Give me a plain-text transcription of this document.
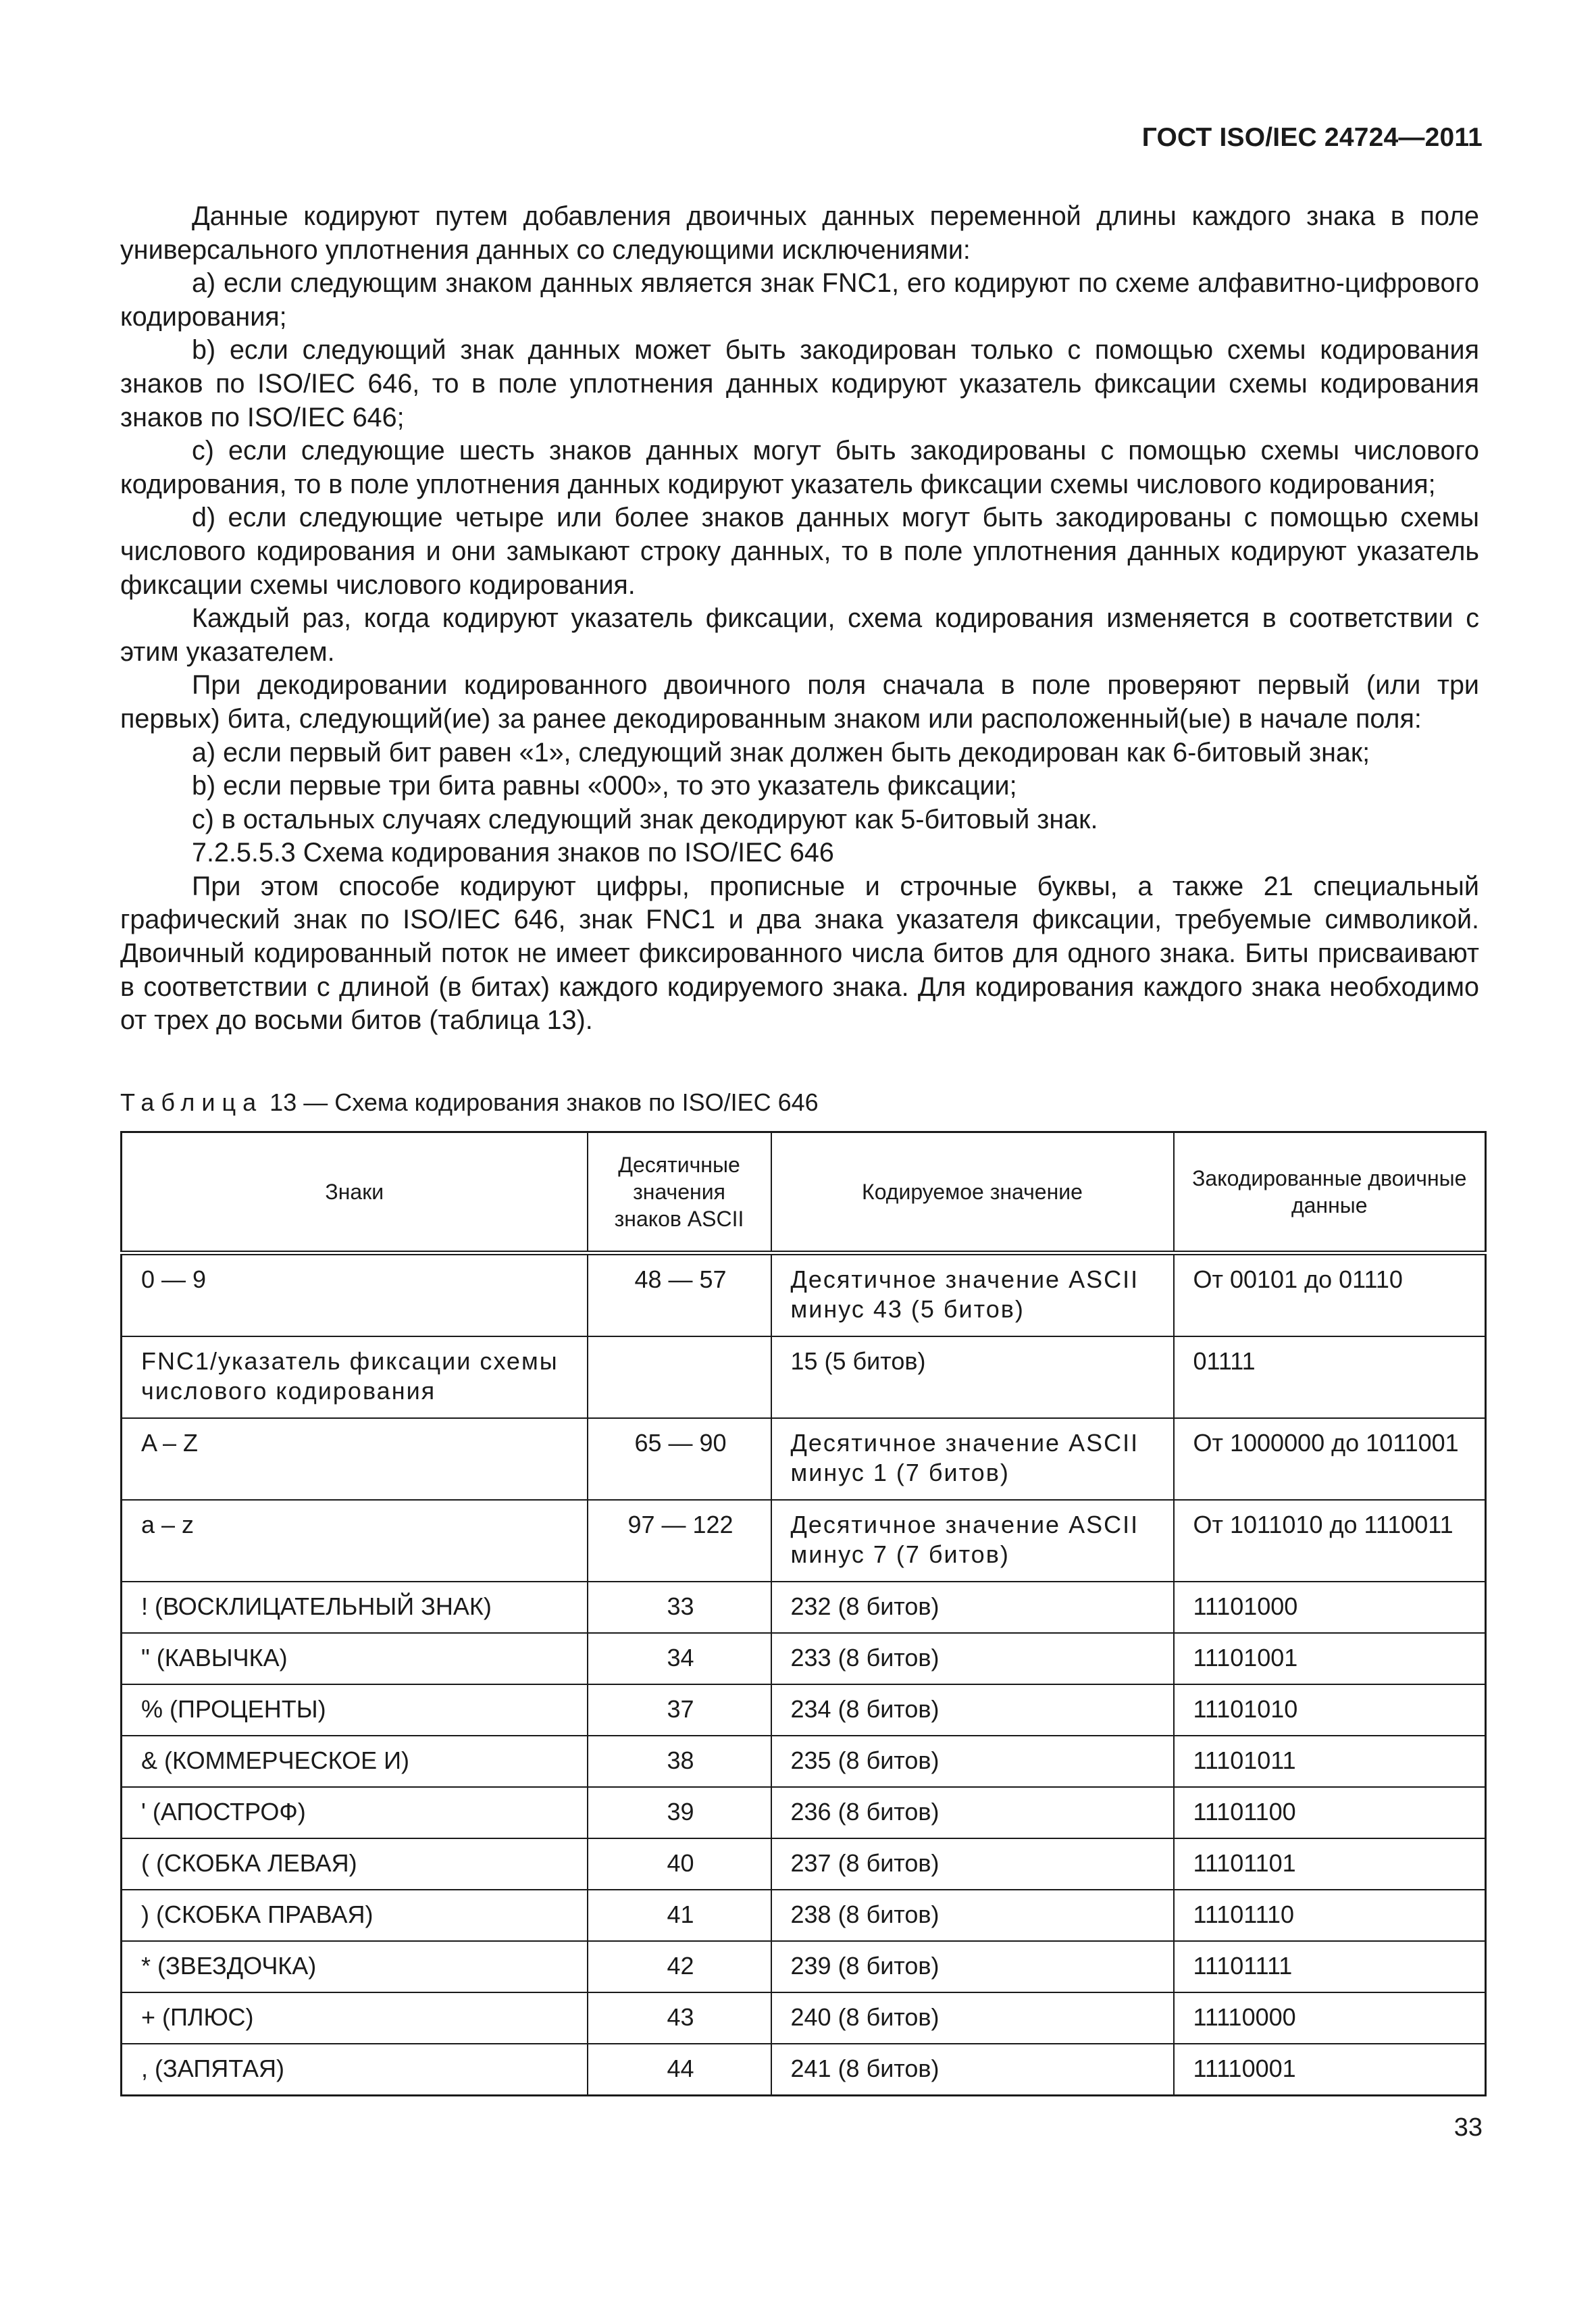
ГОСТ ISO/IEC 24724—2011

Данные кодируют путем добавления двоичных данных переменной длины каждого знака в поле универсального уплотнения данных со следующими исключениями:

а) если следующим знаком данных является знак FNC1, его кодируют по схеме алфавитно-цифрового кодирования;

b) если следующий знак данных может быть закодирован только с помощью схемы кодирования знаков по ISO/IEC 646, то в поле уплотнения данных кодируют указатель фиксации схемы кодирования знаков по ISO/IEC 646;

с) если следующие шесть знаков данных могут быть закодированы с помощью схемы числового кодирования, то в поле уплотнения данных кодируют указатель фиксации схемы числового кодирования;

d) если следующие четыре или более знаков данных могут быть закодированы с помощью схемы числового кодирования и они замыкают строку данных, то в поле уплотнения данных кодируют указатель фиксации схемы числового кодирования.

Каждый раз, когда кодируют указатель фиксации, схема кодирования изменяется в соответствии с этим указателем.

При декодировании кодированного двоичного поля сначала в поле проверяют первый (или три первых) бита, следующий(ие) за ранее декодированным знаком или расположенный(ые) в начале поля:

а) если первый бит равен «1», следующий знак должен быть декодирован как 6-битовый знак;

b) если первые три бита равны «000», то это указатель фиксации;

с) в остальных случаях следующий знак декодируют как 5-битовый знак.

7.2.5.5.3 Схема кодирования знаков по ISO/IEC 646

При этом способе кодируют цифры, прописные и строчные буквы, а также 21 специальный графический знак по ISO/IEC 646, знак FNC1 и два знака указателя фиксации, требуемые символикой. Двоичный кодированный поток не имеет фиксированного числа битов для одного знака. Биты присваивают в соответствии с длиной (в битах) каждого кодируемого знака. Для кодирования каждого знака необходимо от трех до восьми битов (таблица 13).

Таблица 13 — Схема кодирования знаков по ISO/IEC 646
Знаки	Десятичные значения знаков ASCII	Кодируемое значение	Закодированные двоичные данные
0 — 9	48 — 57	Десятичное значение ASCII минус 43 (5 битов)	От 00101 до 01110
FNC1/указатель фиксации схемы числового кодирования		15 (5 битов)	01111
A – Z	65 — 90	Десятичное значение ASCII минус 1 (7 битов)	От 1000000 до 1011001
a – z	97 — 122	Десятичное значение ASCII минус 7 (7 битов)	От 1011010 до 1110011
! (ВОСКЛИЦАТЕЛЬНЫЙ ЗНАК)	33	232 (8 битов)	11101000
" (КАВЫЧКА)	34	233 (8 битов)	11101001
% (ПРОЦЕНТЫ)	37	234 (8 битов)	11101010
& (КОММЕРЧЕСКОЕ И)	38	235 (8 битов)	11101011
' (АПОСТРОФ)	39	236 (8 битов)	11101100
( (СКОБКА ЛЕВАЯ)	40	237 (8 битов)	11101101
) (СКОБКА ПРАВАЯ)	41	238 (8 битов)	11101110
* (ЗВЕЗДОЧКА)	42	239 (8 битов)	11101111
+ (ПЛЮС)	43	240 (8 битов)	11110000
, (ЗАПЯТАЯ)	44	241 (8 битов)	11110001
33
